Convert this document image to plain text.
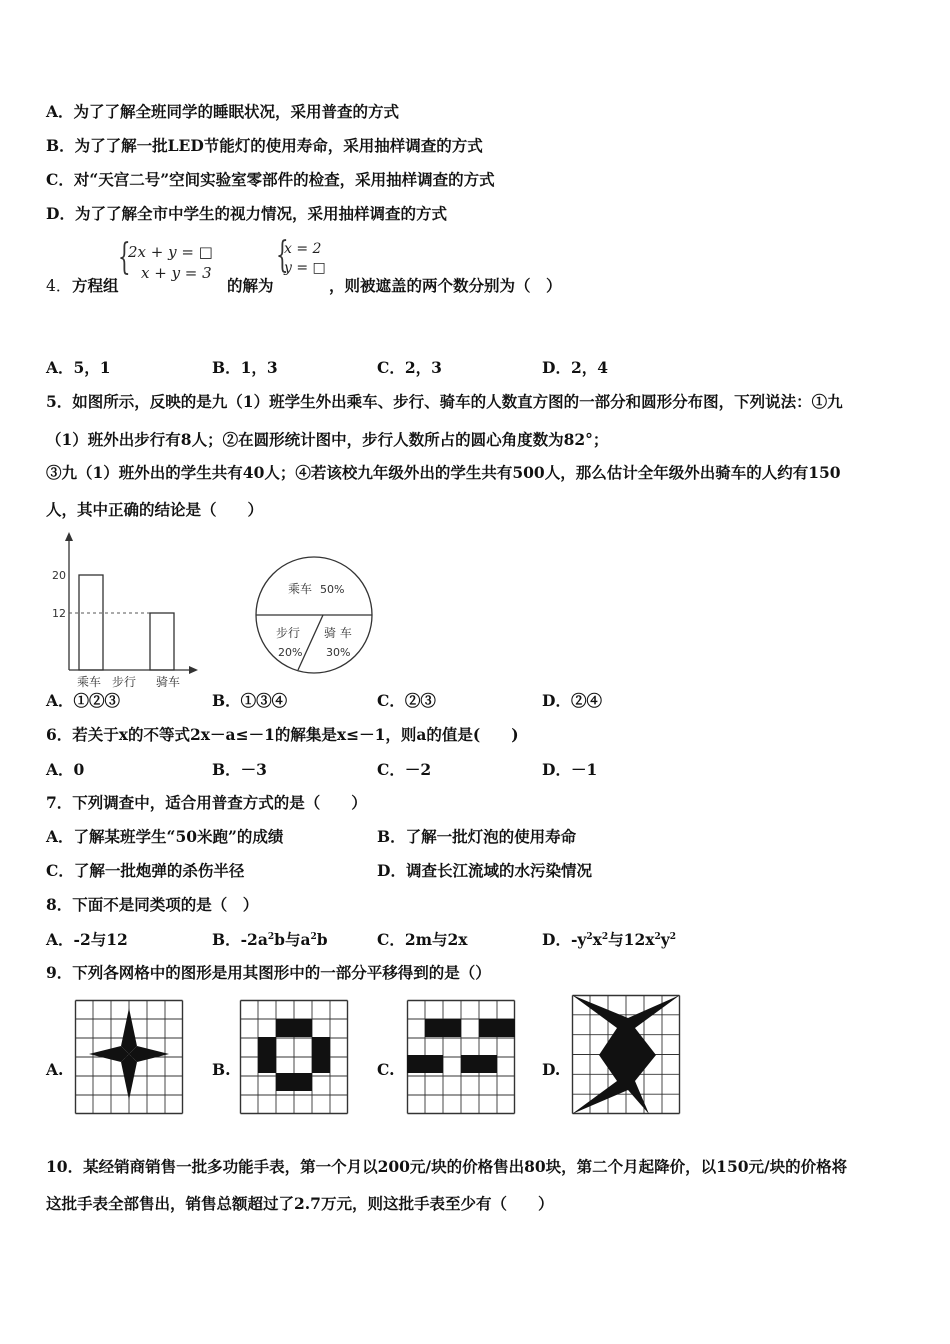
A．为了了解全班同学的睡眠状况，采用普查的方式
B．为了了解一批LED节能灯的使用寿命，采用抽样调查的方式
C．对“天宫二号”空间实验室零部件的检查，采用抽样调查的方式
D．为了了解全市中学生的视力情况，采用抽样调查的方式
4． 方程组
{
2x + y = □
x + y = 3
的解为
{
x = 2
y = □
，则被遮盖的两个数分别为（　）
A．5，1	B．1，3	C．2，3	D．2，4
5．如图所示，反映的是九（1）班学生外出乘车、步行、骑车的人数直方图的一部分和圆形分布图，下列说法：①九
（1）班外出步行有8人；②在圆形统计图中，步行人数所占的圆心角度数为82°；
③九（1）班外出的学生共有40人；④若该校九年级外出的学生共有500人，那么估计全年级外出骑车的人约有150
人，其中正确的结论是（　　）
20
12
乘车 步行 骑车
乘车 50%
步行
20%
骑 车
30%
A．①②③	B．①③④	C．②③	D．②④
6．若关于x的不等式2x－a≤－1的解集是x≤－1，则a的值是(　　)
A．0	B．－3	C．－2	D．－1
7．下列调查中，适合用普查方式的是（　　）
A．了解某班学生“50米跑”的成绩	B．了解一批灯泡的使用寿命
C．了解一批炮弹的杀伤半径	D．调查长江流域的水污染情况
8．下面不是同类项的是（　）
A．-2与12	B．$-2a^2b$与$a^2b$	C．2m与2x	D．$-y^2x^2$与$12x^2y^2$
9．下列各网格中的图形是用其图形中的一部分平移得到的是（）
A.	B.	C.	D.
10．某经销商销售一批多功能手表，第一个月以200元/块的价格售出80块，第二个月起降价，以150元/块的价格将
这批手表全部售出，销售总额超过了2.7万元，则这批手表至少有（　　）
